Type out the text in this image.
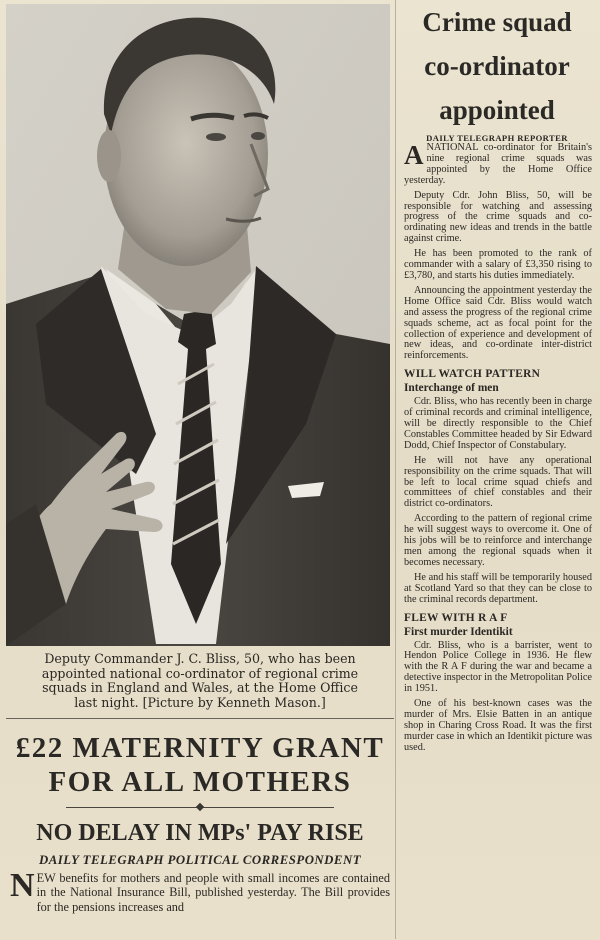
Deputy Commander J. C. Bliss, 50, who has been
appointed national co-ordinator of regional crime
squads in England and Wales, at the Home Office
last night. [Picture by Kenneth Mason.]
Crime squad
co-ordinator
appointed
DAILY TELEGRAPH REPORTER

ANATIONAL co-ordinator for Britain's nine regional crime squads was appointed by the Home Office yesterday.

Deputy Cdr. John Bliss, 50, will be responsible for watching and assessing progress of the crime squads and co-ordinating new ideas and trends in the battle against crime.

He has been promoted to the rank of commander with a salary of £3,350 rising to £3,780, and starts his duties immediately.

Announcing the appointment yesterday the Home Office said Cdr. Bliss would watch and assess the progress of the regional crime squads scheme, act as focal point for the collection of experience and development of new ideas, and co-ordinate inter-district reinforcements.

WILL WATCH PATTERN
Interchange of men

Cdr. Bliss, who has recently been in charge of criminal records and criminal intelligence, will be directly responsible to the Chief Constables Committee headed by Sir Edward Dodd, Chief Inspector of Constabulary.

He will not have any operational responsibility on the crime squads. That will be left to local crime squad chiefs and committees of chief constables and their district co-ordinators.

According to the pattern of regional crime he will suggest ways to overcome it. One of his jobs will be to reinforce and interchange men among the regional squads when it becomes necessary.

He and his staff will be temporarily housed at Scotland Yard so that they can be close to the criminal records department.

FLEW WITH R A F
First murder Identikit

Cdr. Bliss, who is a barrister, went to Hendon Police College in 1936. He flew with the R A F during the war and became a detective inspector in the Metropolitan Police in 1951.

One of his best-known cases was the murder of Mrs. Elsie Batten in an antique shop in Charing Cross Road. It was the first murder case in which an Identikit picture was used.

£22 MATERNITY GRANT
FOR ALL MOTHERS
NO DELAY IN MPs' PAY RISE
DAILY TELEGRAPH POLITICAL CORRESPONDENT
NEW benefits for mothers and people with small incomes are contained in the National Insurance Bill, published yesterday. The Bill provides for the pensions increases and
